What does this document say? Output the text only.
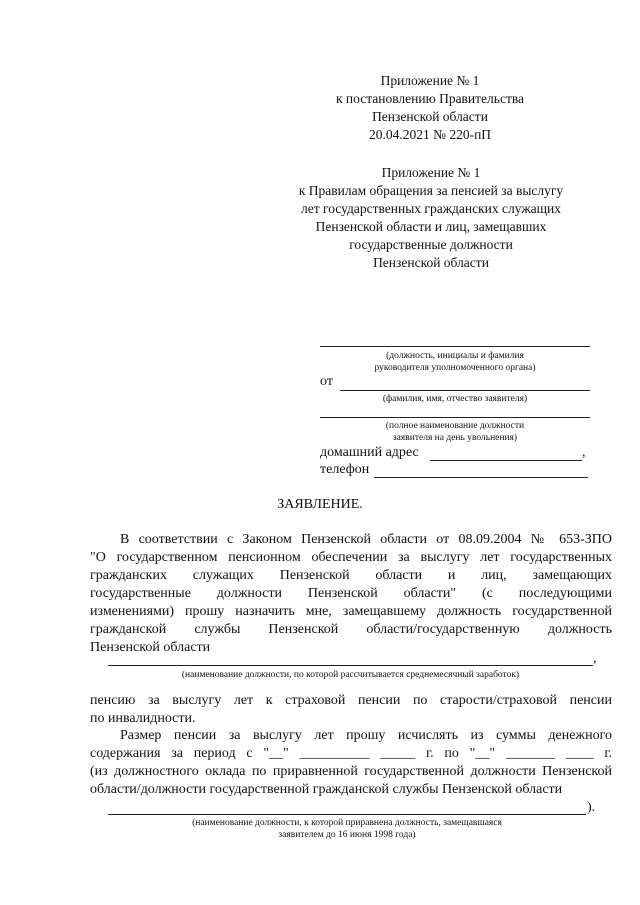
Приложение № 1
к постановлению Правительства
Пензенской области
20.04.2021 № 220-пП
Приложение № 1
к Правилам обращения за пенсией за выслугу
лет государственных гражданских служащих
Пензенской области и лиц, замещавших
государственные должности
Пензенской области
(должность, инициалы и фамилия
руководителя уполномоченного органа)
от
(фамилия, имя, отчество заявителя)
(полное наименование должности
заявителя на день увольнения)
домашний адрес	,
телефон
ЗАЯВЛЕНИЕ.
В соответствии с Законом Пензенской области от 08.09.2004 № 653-ЗПО
"О государственном пенсионном обеспечении за выслугу лет государственных
гражданских служащих Пензенской области и лиц, замещающих
государственные должности Пензенской области" (с последующими
изменениями) прошу назначить мне, замещавшему должность государственной
гражданской службы Пензенской области/государственную должность
Пензенской области
,
(наименование должности, по которой рассчитывается среднемесячный заработок)
пенсию за выслугу лет к страховой пенсии по старости/страховой пенсии
по инвалидности.
Размер пенсии за выслугу лет прошу исчислять из суммы денежного
содержания за период с "__" __________ _____ г. по "__" _______ ____ г.
(из должностного оклада по приравненной государственной должности Пензенской
области/должности государственной гражданской службы Пензенской области
).
(наименование должности, к которой приравнена должность, замещавшаяся
заявителем до 16 июня 1998 года)
